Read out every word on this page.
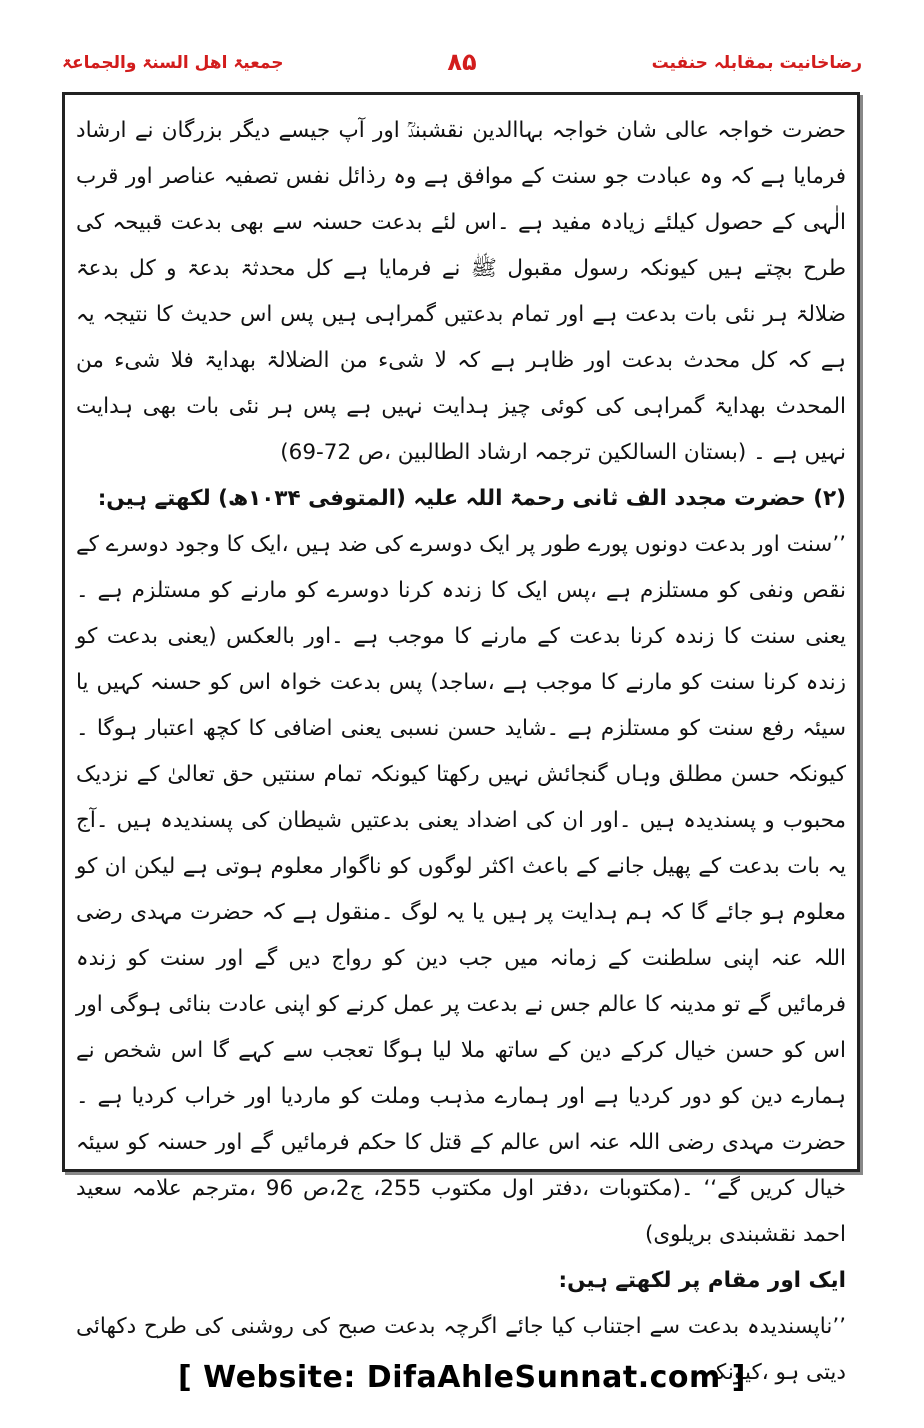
جمعیۃ اھل السنۃ والجماعۃ	۸۵	رضاخانیت بمقابلہ حنفیت

حضرت خواجہ عالی شان خواجہ بہاالدین نقشبندؒ اور آپ جیسے دیگر بزرگان نے ارشاد فرمایا ہے کہ وہ عبادت جو سنت کے موافق ہے وہ رذائل نفس تصفیہ عناصر اور قرب الٰہی کے حصول کیلئے زیادہ مفید ہے ۔اس لئے بدعت حسنہ سے بھی بدعت قبیحہ کی طرح بچتے ہیں کیونکہ رسول مقبول ﷺ نے فرمایا ہے کل محدثۃ بدعۃ و کل بدعۃ ضلالۃ ہر نئی بات بدعت ہے اور تمام بدعتیں گمراہی ہیں پس اس حدیث کا نتیجہ یہ ہے کہ کل محدث بدعت اور ظاہر ہے کہ لا شیء من الضلالۃ بھدایۃ فلا شیء من المحدث بھدایۃ گمراہی کی کوئی چیز ہدایت نہیں ہے پس ہر نئی بات بھی ہدایت نہیں ہے ۔ (بستان السالکین ترجمہ ارشاد الطالبین ،ص 72-69)

(۲) حضرت مجدد الف ثانی رحمۃ اللہ علیہ (المتوفی ۱۰۳۴ھ) لکھتے ہیں:

’’سنت اور بدعت دونوں پورے طور پر ایک دوسرے کی ضد ہیں ،ایک کا وجود دوسرے کے نقص ونفی کو مستلزم ہے ،پس ایک کا زندہ کرنا دوسرے کو مارنے کو مستلزم ہے ۔یعنی سنت کا زندہ کرنا بدعت کے مارنے کا موجب ہے ۔اور بالعکس (یعنی بدعت کو زندہ کرنا سنت کو مارنے کا موجب ہے ،ساجد) پس بدعت خواہ اس کو حسنہ کہیں یا سیئہ رفع سنت کو مستلزم ہے ۔شاید حسن نسبی یعنی اضافی کا کچھ اعتبار ہوگا ۔کیونکہ حسن مطلق وہاں گنجائش نہیں رکھتا کیونکہ تمام سنتیں حق تعالیٰ کے نزدیک محبوب و پسندیدہ ہیں ۔اور ان کی اضداد یعنی بدعتیں شیطان کی پسندیدہ ہیں ۔آج یہ بات بدعت کے پھیل جانے کے باعث اکثر لوگوں کو ناگوار معلوم ہوتی ہے لیکن ان کو معلوم ہو جائے گا کہ ہم ہدایت پر ہیں یا یہ لوگ ۔منقول ہے کہ حضرت مہدی رضی اللہ عنہ اپنی سلطنت کے زمانہ میں جب دین کو رواج دیں گے اور سنت کو زندہ فرمائیں گے تو مدینہ کا عالم جس نے بدعت پر عمل کرنے کو اپنی عادت بنائی ہوگی اور اس کو حسن خیال کرکے دین کے ساتھ ملا لیا ہوگا تعجب سے کہے گا اس شخص نے ہمارے دین کو دور کردیا ہے اور ہمارے مذہب وملت کو ماردیا اور خراب کردیا ہے ۔حضرت مہدی رضی اللہ عنہ اس عالم کے قتل کا حکم فرمائیں گے اور حسنہ کو سیئہ خیال کریں گے‘‘ ۔(مکتوبات ،دفتر اول مکتوب 255، ج2،ص 96 ،مترجم علامہ سعید احمد نقشبندی بریلوی)

ایک اور مقام پر لکھتے ہیں:

’’ناپسندیدہ بدعت سے اجتناب کیا جائے اگرچہ بدعت صبح کی روشنی کی طرح دکھائی دیتی ہو ،کیونکہ

[ Website: DifaAhleSunnat.com ]
